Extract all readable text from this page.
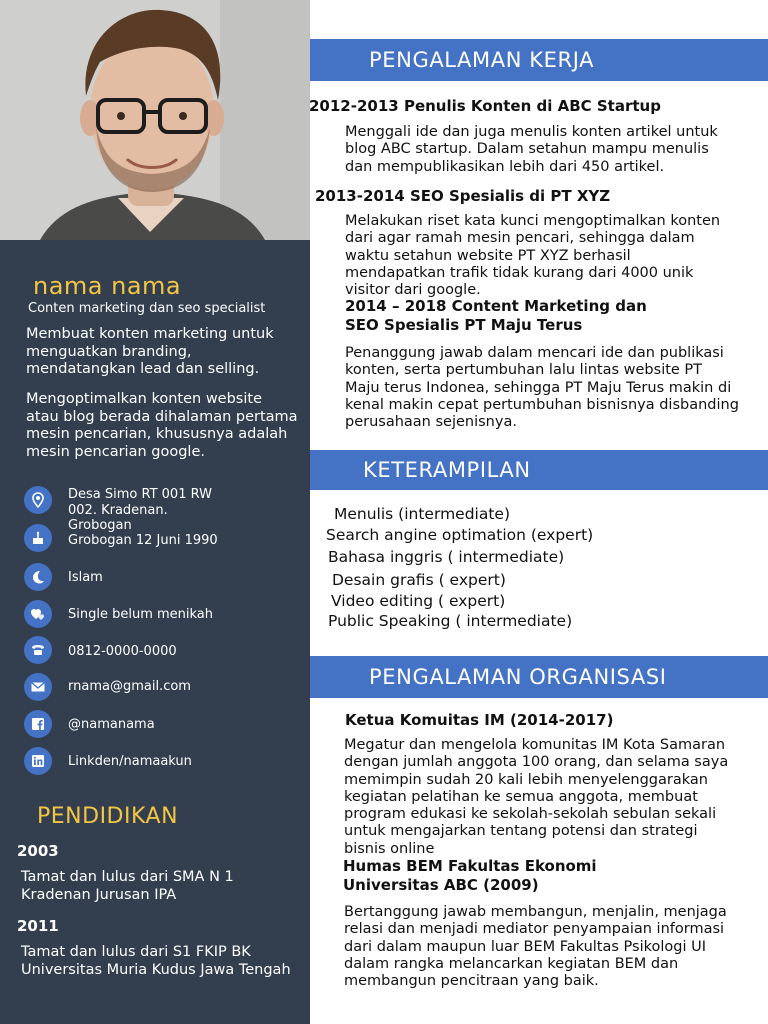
nama nama
Conten marketing dan seo specialist
Membuat konten marketing untuk menguatkan branding, mendatangkan lead dan selling.
Mengoptimalkan konten website atau blog berada dihalaman pertama mesin pencarian, khususnya adalah mesin pencarian google.
Desa Simo RT 001 RW
002. Kradenan.
Grobogan
Grobogan 12 Juni 1990
Islam
Single belum menikah
0812-0000-0000
rnama@gmail.com
@namanama
Linkden/namaakun
PENDIDIKAN
2003
Tamat dan lulus dari SMA N 1 Kradenan Jurusan IPA
2011
Tamat dan lulus dari S1 FKIP BK Universitas Muria Kudus Jawa Tengah
PENGALAMAN KERJA
2012-2013 Penulis Konten di ABC Startup
Menggali ide dan juga menulis konten artikel untuk blog ABC startup. Dalam setahun mampu menulis dan mempublikasikan lebih dari 450 artikel.
2013-2014 SEO Spesialis di PT XYZ
Melakukan riset kata kunci mengoptimalkan konten dari agar ramah mesin pencari, sehingga dalam waktu setahun website PT XYZ berhasil mendapatkan trafik tidak kurang dari 4000 unik visitor dari google.
2014 – 2018 Content Marketing dan SEO Spesialis PT Maju Terus
Penanggung jawab dalam mencari ide dan publikasi konten, serta pertumbuhan lalu lintas website PT Maju terus Indonea, sehingga PT Maju Terus makin di kenal makin cepat pertumbuhan bisnisnya disbanding perusahaan sejenisnya.
KETERAMPILAN
Menulis (intermediate)
Search angine optimation (expert)
Bahasa inggris ( intermediate)
Desain grafis ( expert)
Video editing ( expert)
Public Speaking ( intermediate)
PENGALAMAN ORGANISASI
Ketua Komuitas IM (2014-2017)
Megatur dan mengelola komunitas IM Kota Samaran dengan jumlah anggota 100 orang, dan selama saya memimpin sudah 20 kali lebih menyelenggarakan kegiatan pelatihan ke semua anggota, membuat program edukasi ke sekolah-sekolah sebulan sekali untuk mengajarkan tentang potensi dan strategi bisnis online
Humas BEM Fakultas Ekonomi Universitas ABC (2009)
Bertanggung jawab membangun, menjalin, menjaga relasi dan menjadi mediator penyampaian informasi dari dalam maupun luar BEM Fakultas Psikologi UI dalam rangka melancarkan kegiatan BEM dan membangun pencitraan yang baik.
